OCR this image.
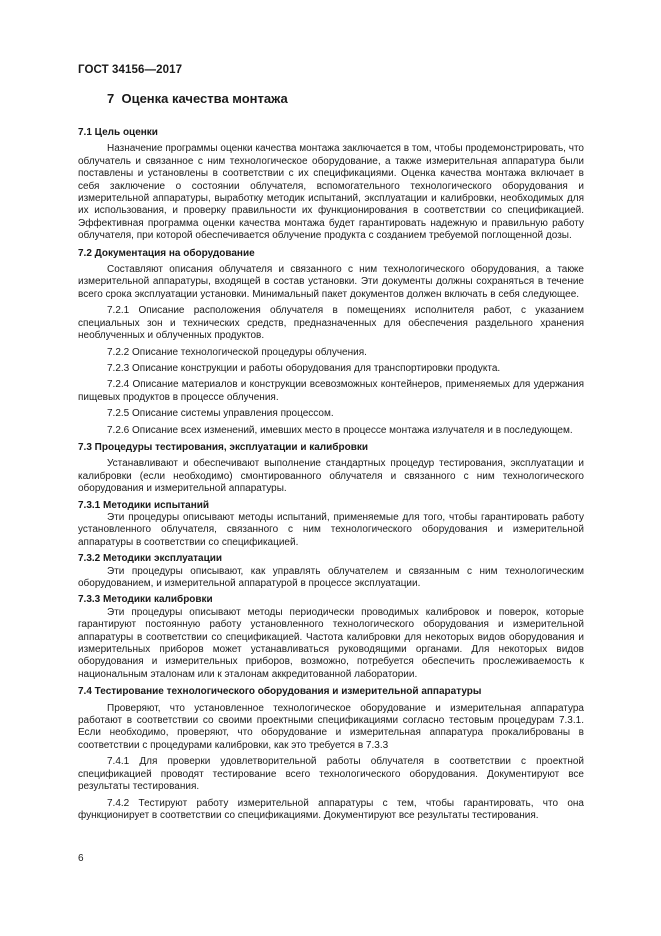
ГОСТ 34156—2017
7 Оценка качества монтажа

7.1 Цель оценки

Назначение программы оценки качества монтажа заключается в том, чтобы продемонстрировать, что облучатель и связанное с ним технологическое оборудование, а также измерительная аппаратура были поставлены и установлены в соответствии с их спецификациями. Оценка качества монтажа включает в себя заключение о состоянии облучателя, вспомогательного технологического оборудования и измерительной аппаратуры, выработку методик испытаний, эксплуатации и калибровки, необходимых для их использования, и проверку правильности их функционирования в соответствии со спецификацией. Эффективная программа оценки качества монтажа будет гарантировать надежную и правильную работу облучателя, при которой обеспечивается облучение продукта с созданием требуемой поглощенной дозы.

7.2 Документация на оборудование

Составляют описания облучателя и связанного с ним технологического оборудования, а также измерительной аппаратуры, входящей в состав установки. Эти документы должны сохраняться в течение всего срока эксплуатации установки. Минимальный пакет документов должен включать в себя следующее.

7.2.1 Описание расположения облучателя в помещениях исполнителя работ, с указанием специальных зон и технических средств, предназначенных для обеспечения раздельного хранения необлученных и облученных продуктов.

7.2.2 Описание технологической процедуры облучения.

7.2.3 Описание конструкции и работы оборудования для транспортировки продукта.

7.2.4 Описание материалов и конструкции всевозможных контейнеров, применяемых для удержания пищевых продуктов в процессе облучения.

7.2.5 Описание системы управления процессом.

7.2.6 Описание всех изменений, имевших место в процессе монтажа излучателя и в последующем.

7.3 Процедуры тестирования, эксплуатации и калибровки

Устанавливают и обеспечивают выполнение стандартных процедур тестирования, эксплуатации и калибровки (если необходимо) смонтированного облучателя и связанного с ним технологического оборудования и измерительной аппаратуры.

7.3.1 Методики испытаний

Эти процедуры описывают методы испытаний, применяемые для того, чтобы гарантировать работу установленного облучателя, связанного с ним технологического оборудования и измерительной аппаратуры в соответствии со спецификацией.

7.3.2 Методики эксплуатации

Эти процедуры описывают, как управлять облучателем и связанным с ним технологическим оборудованием, и измерительной аппаратурой в процессе эксплуатации.

7.3.3 Методики калибровки

Эти процедуры описывают методы периодически проводимых калибровок и поверок, которые гарантируют постоянную работу установленного технологического оборудования и измерительной аппаратуры в соответствии со спецификацией. Частота калибровки для некоторых видов оборудования и измерительных приборов может устанавливаться руководящими органами. Для некоторых видов оборудования и измерительных приборов, возможно, потребуется обеспечить прослеживаемость к национальным эталонам или к эталонам аккредитованной лаборатории.

7.4 Тестирование технологического оборудования и измерительной аппаратуры

Проверяют, что установленное технологическое оборудование и измерительная аппаратура работают в соответствии со своими проектными спецификациями согласно тестовым процедурам 7.3.1. Если необходимо, проверяют, что оборудование и измерительная аппаратура прокалиброваны в соответствии с процедурами калибровки, как это требуется в 7.3.3

7.4.1 Для проверки удовлетворительной работы облучателя в соответствии с проектной спецификацией проводят тестирование всего технологического оборудования. Документируют все результаты тестирования.

7.4.2 Тестируют работу измерительной аппаратуры с тем, чтобы гарантировать, что она функционирует в соответствии со спецификациями. Документируют все результаты тестирования.

6
